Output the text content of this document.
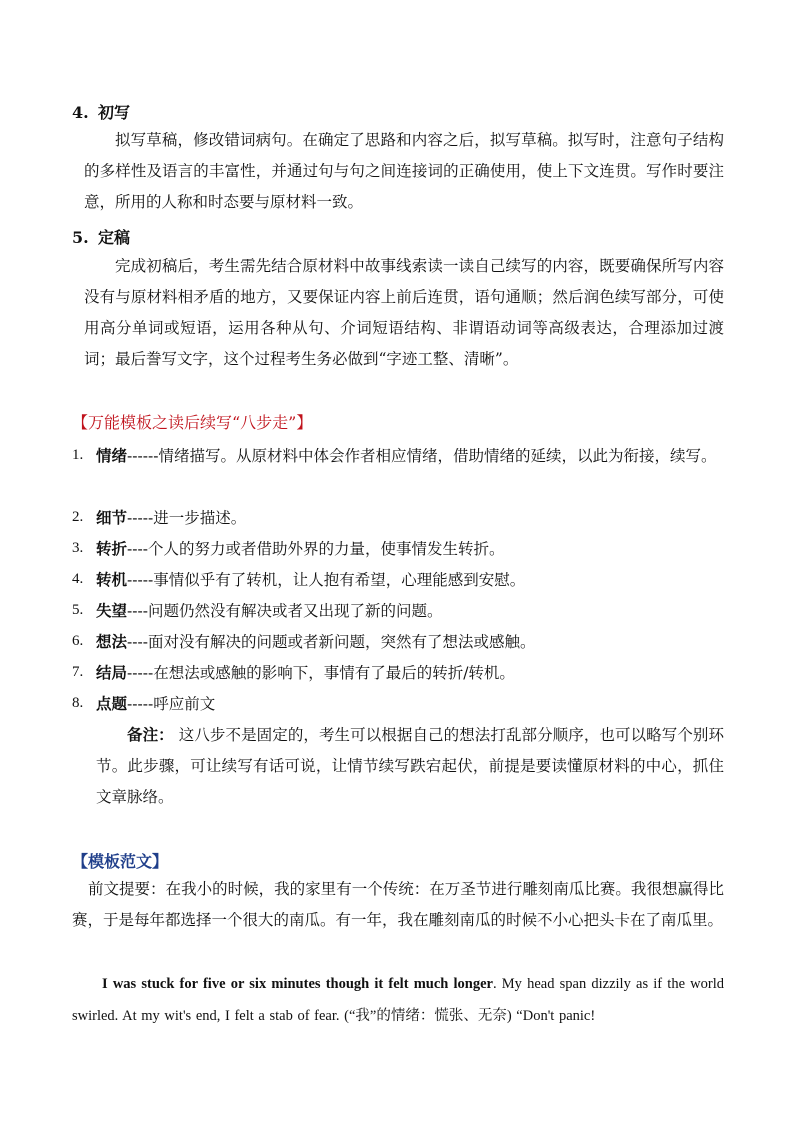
4. 初写
拟写草稿，修改错词病句。在确定了思路和内容之后，拟写草稿。拟写时，注意句子结构的多样性及语言的丰富性，并通过句与句之间连接词的正确使用，使上下文连贯。写作时要注意，所用的人称和时态要与原材料一致。
5. 定稿
完成初稿后，考生需先结合原材料中故事线索读一读自己续写的内容，既要确保所写内容没有与原材料相矛盾的地方，又要保证内容上前后连贯，语句通顺；然后润色续写部分，可使用高分单词或短语，运用各种从句、介词短语结构、非谓语动词等高级表达，合理添加过渡词；最后誊写文字，这个过程考生务必做到“字迹工整、清晰”。
【万能模板之读后续写“八步走”】
1. 情绪------情绪描写。从原材料中体会作者相应情绪，借助情绪的延续，以此为衔接，续写。
2. 细节-----进一步描述。
3. 转折----个人的努力或者借助外界的力量，使事情发生转折。
4. 转机-----事情似乎有了转机，让人抱有希望，心理能感到安慰。
5. 失望----问题仍然没有解决或者又出现了新的问题。
6. 想法----面对没有解决的问题或者新问题，突然有了想法或感触。
7. 结局-----在想法或感触的影响下，事情有了最后的转折/转机。
8. 点题-----呼应前文
备注： 这八步不是固定的，考生可以根据自己的想法打乱部分顺序，也可以略写个别环节。此步骤，可让续写有话可说，让情节续写跌宕起伏，前提是要读懂原材料的中心，抓住文章脉络。
【模板范文】
前文提要：在我小的时候，我的家里有一个传统：在万圣节进行雕刻南瓜比赛。我很想赢得比赛，于是每年都选择一个很大的南瓜。有一年，我在雕刻南瓜的时候不小心把头卡在了南瓜里。
I was stuck for five or six minutes though it felt much longer. My head span dizzily as if the world swirled. At my wit's end, I felt a stab of fear. (“我”的情绪：慌张、无奈) “Don't panic!
